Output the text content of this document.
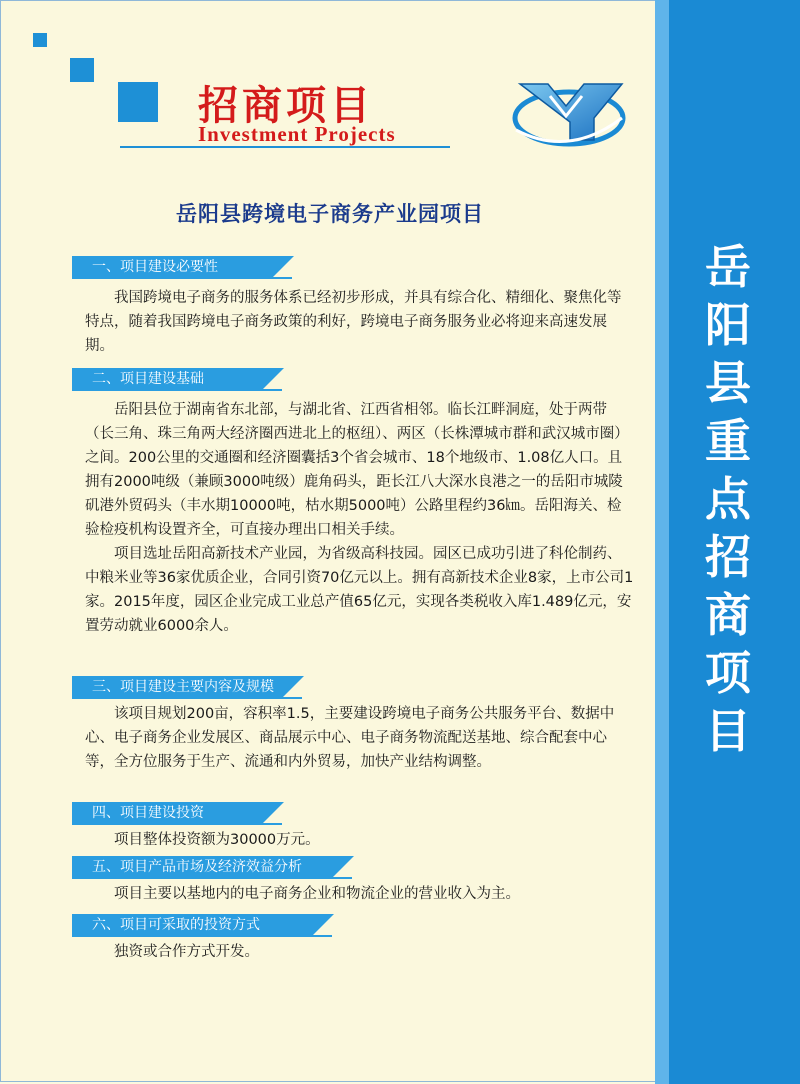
招商项目
Investment Projects
岳阳县跨境电子商务产业园项目
一、项目建设必要性

我国跨境电子商务的服务体系已经初步形成，并具有综合化、精细化、聚焦化等特点，随着我国跨境电子商务政策的利好，跨境电子商务服务业必将迎来高速发展期。

二、项目建设基础

岳阳县位于湖南省东北部，与湖北省、江西省相邻。临长江畔洞庭，处于两带（长三角、珠三角两大经济圈西进北上的枢纽）、两区（长株潭城市群和武汉城市圈）之间。200公里的交通圈和经济圈囊括3个省会城市、18个地级市、1.08亿人口。且拥有2000吨级（兼顾3000吨级）鹿角码头，距长江八大深水良港之一的岳阳市城陵矶港外贸码头（丰水期10000吨，枯水期5000吨）公路里程约36㎞。岳阳海关、检验检疫机构设置齐全，可直接办理出口相关手续。

项目选址岳阳高新技术产业园，为省级高科技园。园区已成功引进了科伦制药、中粮米业等36家优质企业，合同引资70亿元以上。拥有高新技术企业8家，上市公司1家。2015年度，园区企业完成工业总产值65亿元，实现各类税收入库1.489亿元，安置劳动就业6000余人。

三、项目建设主要内容及规模

该项目规划200亩，容积率1.5，主要建设跨境电子商务公共服务平台、数据中心、电子商务企业发展区、商品展示中心、电子商务物流配送基地、综合配套中心等，全方位服务于生产、流通和内外贸易，加快产业结构调整。

四、项目建设投资

项目整体投资额为30000万元。

五、项目产品市场及经济效益分析

项目主要以基地内的电子商务企业和物流企业的营业收入为主。

六、项目可采取的投资方式

独资或合作方式开发。

岳阳县重点招商项目
-22-
